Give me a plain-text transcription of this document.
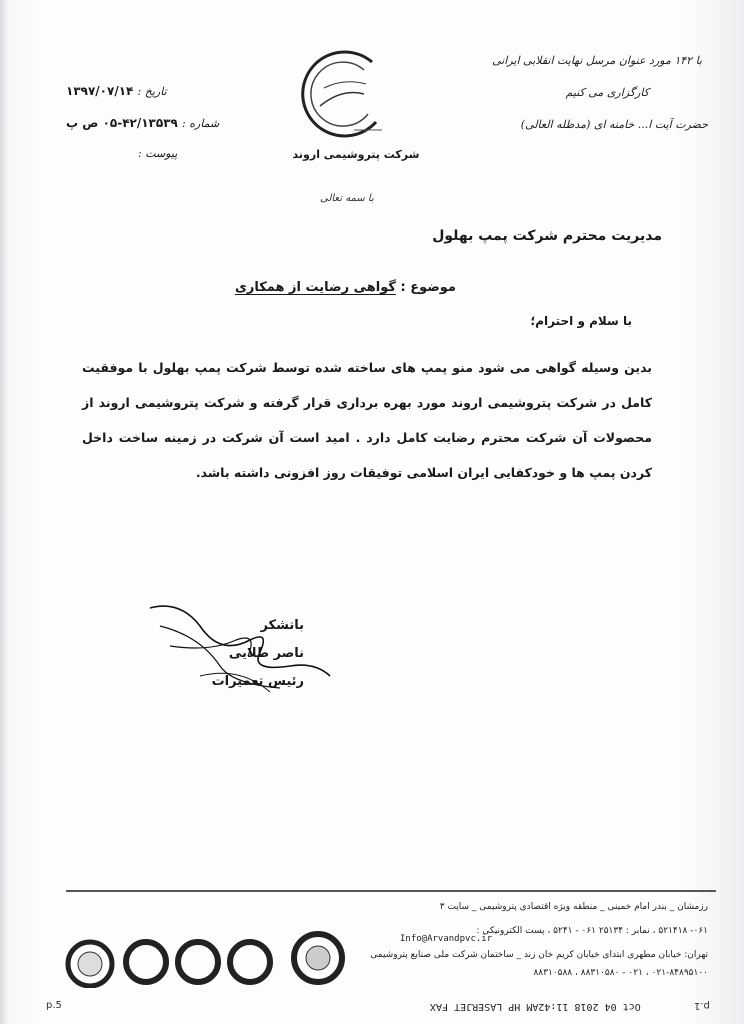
با ۱۴۲ مورد عنوان مرسل نهایت انقلابی ایرانی
کارگزاری می کنیم
حضرت آیت ا... خامنه ای (مدظله العالی)
شرکت پتروشیمی اروند
تاریخ : ۱۳۹۷/۰۷/۱۴
شماره : ۴۲/۱۳۵۳۹-۰۵ ص پ
پیوست :
با سمه تعالی
مدیریت محترم شرکت پمپ بهلول
موضوع : گواهی رضایت از همکاری
با سلام و احترام؛
بدین وسیله گواهی می شود منو پمپ های ساخته شده توسط شرکت پمپ بهلول با موفقیت کامل در شرکت پتروشیمی اروند مورد بهره برداری قرار گرفته و شرکت پتروشیمی اروند از محصولات آن شرکت محترم رضایت کامل دارد . امید است آن شرکت در زمینه ساخت داخل کردن پمپ ها و خودکفایی ایران اسلامی توفیقات روز افزونی داشته باشد.
باتشکر
ناصر طلایی
رئیس تعمیرات
رزمشان _ بندر امام خمینی _ منطقه ویژه اقتصادی پتروشیمی _ سایت ۳
۰۶۱- ۵۲۱۴۱۸ ، نمابر : ۲۵۱۳۴ ۰۶۱ - ۵۲۴۱ ، پست الکترونیکی :
Info@Arvandpvc.ir
تهران: خیابان مطهری ابتدای خیابان کریم خان زند _ ساختمان شرکت ملی صنایع پتروشیمی
۰۲۱-۸۴۸۹۵۱۰۰ ، ۰۲۱ - ۸۸۳۱۰۵۸۰ ، ۸۸۳۱۰۵۸۸
Oct 04 2018 11:42AM HP LASERJET FAX
p.5	p.1
